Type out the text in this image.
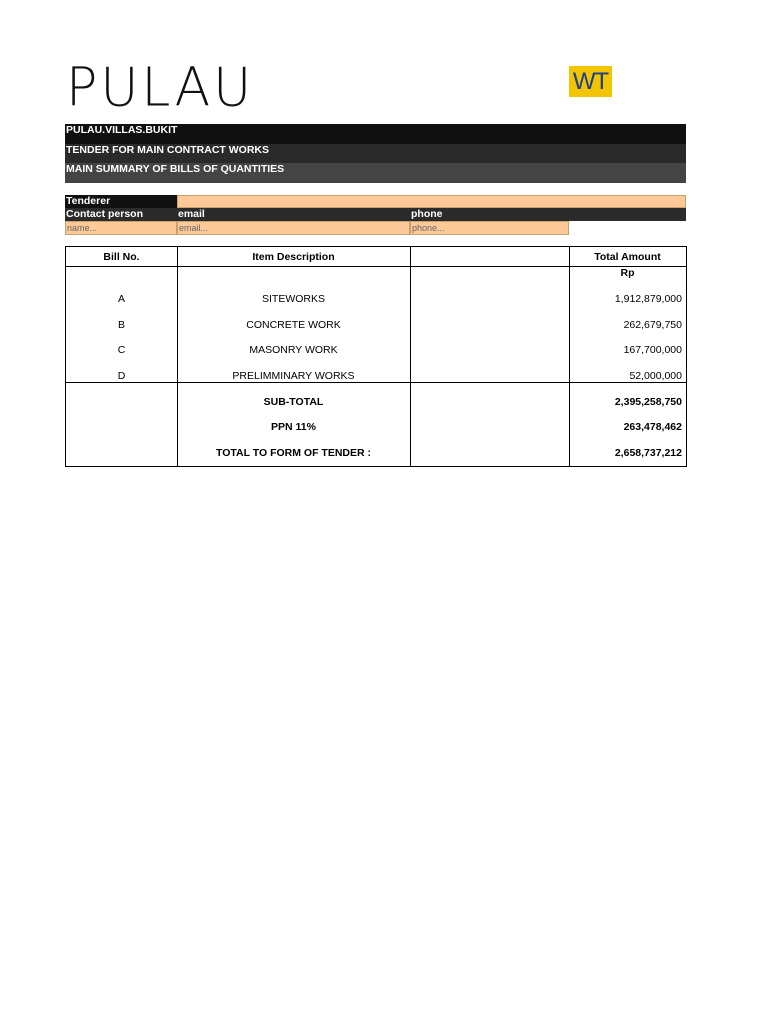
PULAU	WT
PULAU.VILLAS.BUKIT
TENDER FOR MAIN CONTRACT WORKS
MAIN SUMMARY OF BILLS OF QUANTITIES
Tenderer
Contact person	email	phone
name...	email...	phone...
Bill No.	Item Description	Total Amount
Rp
A	SITEWORKS	1,912,879,000
B	CONCRETE WORK	262,679,750
C	MASONRY WORK	167,700,000
D	PRELIMMINARY WORKS	52,000,000
SUB-TOTAL	2,395,258,750
PPN 11%	263,478,462
TOTAL TO FORM OF TENDER :	2,658,737,212
